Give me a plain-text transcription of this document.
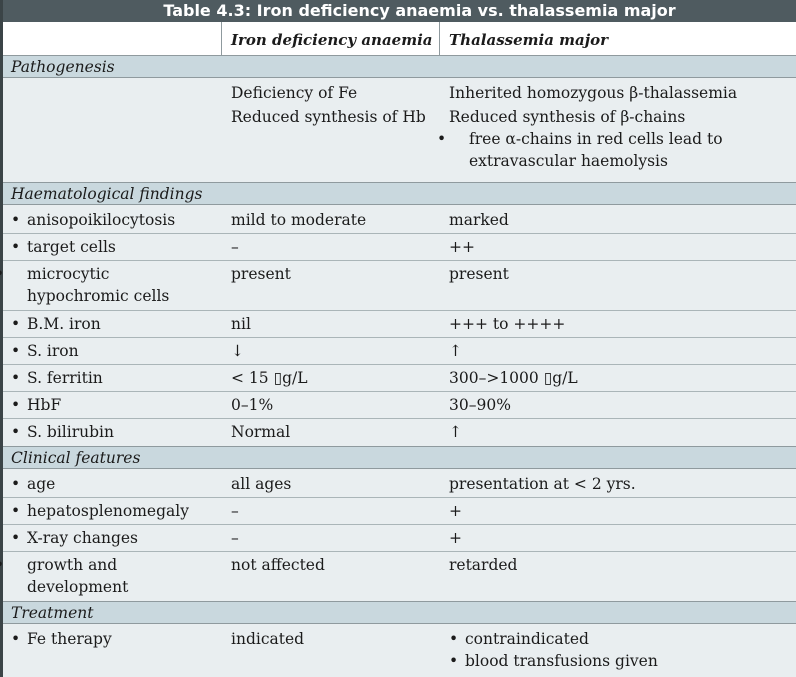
Table 4.3: Iron deficiency anaemia vs. thalassemia major
Iron deficiency anaemia Thalassemia major
Pathogenesis
Deficiency of Fe	Inherited homozygous β-thalassemia
Reduced synthesis of Hb	Reduced synthesis of β-chains
• free α-chains in red cells lead to extravascular haemolysis
Haematological findings
• anisopoikilocytosis	mild to moderate	marked
• target cells	–	++
• microcytic hypochromic cells
present	present
• B.M. iron	nil	+++ to ++++
• S. iron	↓	↑
• S. ferritin	< 15 ▯g/L	300–>1000 ▯g/L
• HbF	0–1%	30–90%
• S. bilirubin	Normal	↑
Clinical features
• age	all ages	presentation at < 2 yrs.
• hepatosplenomegaly	–	+
• X-ray changes	–	+
• growth and development
not affected	retarded
Treatment
• Fe therapy	indicated
•	contraindicated
• blood transfusions given
